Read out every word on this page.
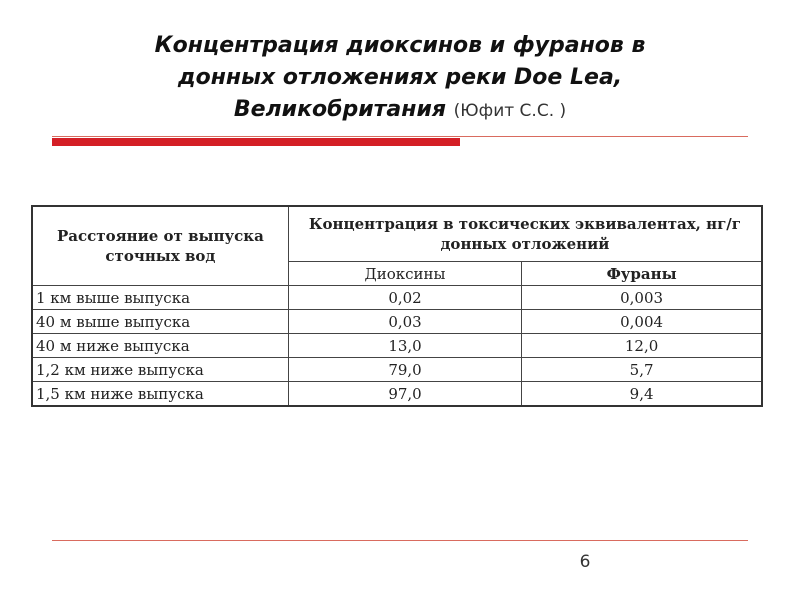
Концентрация диоксинов и фуранов в
донных отложениях реки Doe Lea,
Великобритания (Юфит С.С. )
Расстояние от выпуска сточных вод	Концентрация в токсических эквивалентах, нг/г донных отложений	
	Диоксины	Фураны
1 км выше выпуска	0,02	0,003
40 м выше выпуска	0,03	0,004
40 м ниже выпуска	13,0	12,0
1,2 км ниже выпуска	79,0	5,7
1,5 км ниже выпуска	97,0	9,4
6
